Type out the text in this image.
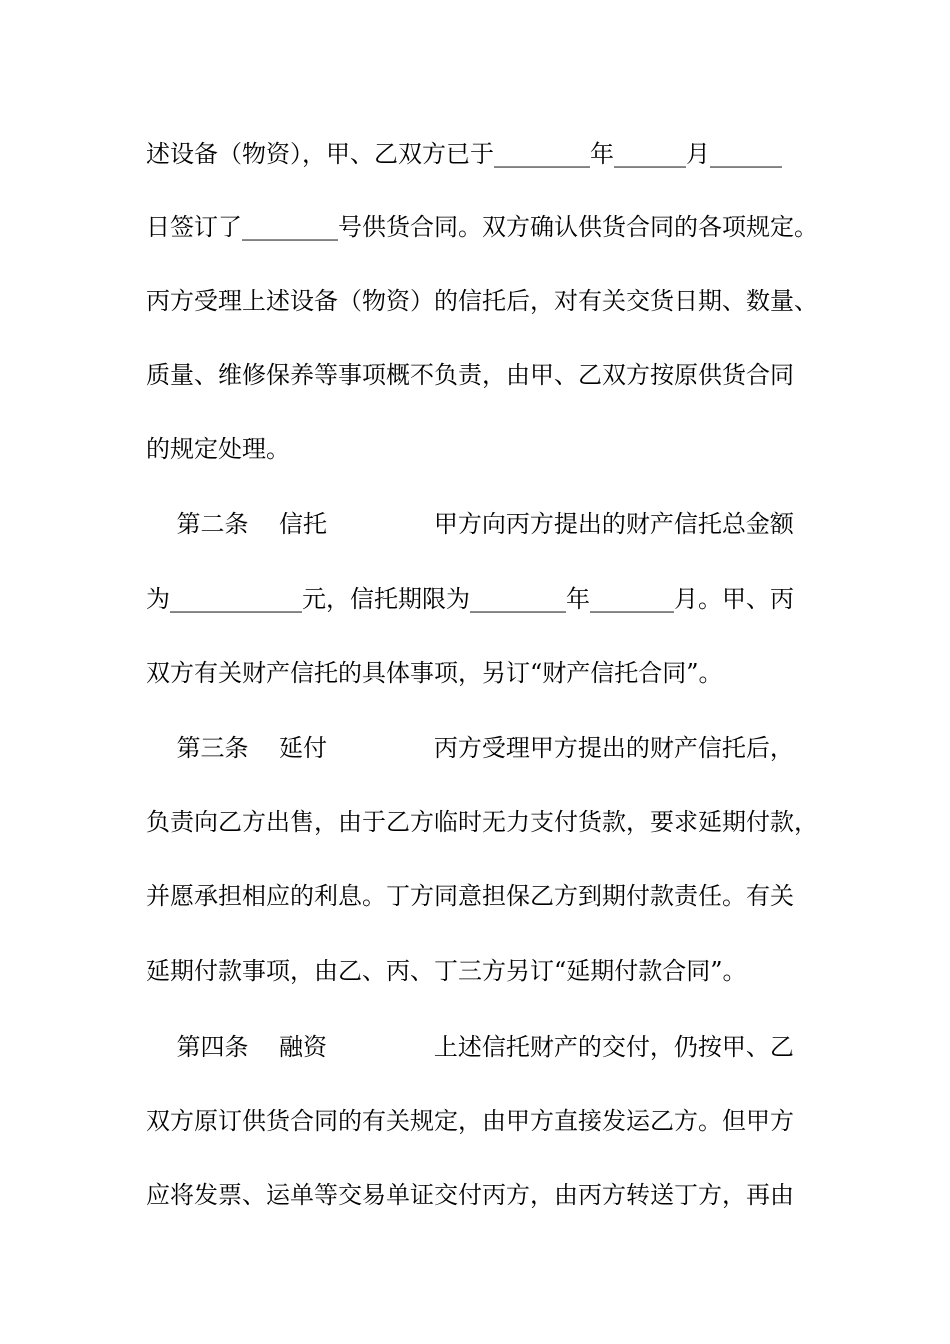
述设备（物资），甲、乙双方已于________年______月______
日签订了________号供货合同。双方确认供货合同的各项规定。
丙方受理上述设备（物资）的信托后，对有关交货日期、数量、
质量、维修保养等事项概不负责，由甲、乙双方按原供货合同
的规定处理。
第二条    信托              甲方向丙方提出的财产信托总金额
为___________元，信托期限为________年_______月。甲、丙
双方有关财产信托的具体事项，另订“财产信托合同”。
第三条    延付              丙方受理甲方提出的财产信托后，
负责向乙方出售，由于乙方临时无力支付货款，要求延期付款，
并愿承担相应的利息。丁方同意担保乙方到期付款责任。有关
延期付款事项，由乙、丙、丁三方另订“延期付款合同”。
第四条    融资              上述信托财产的交付，仍按甲、乙
双方原订供货合同的有关规定，由甲方直接发运乙方。但甲方
应将发票、运单等交易单证交付丙方，由丙方转送丁方，再由
